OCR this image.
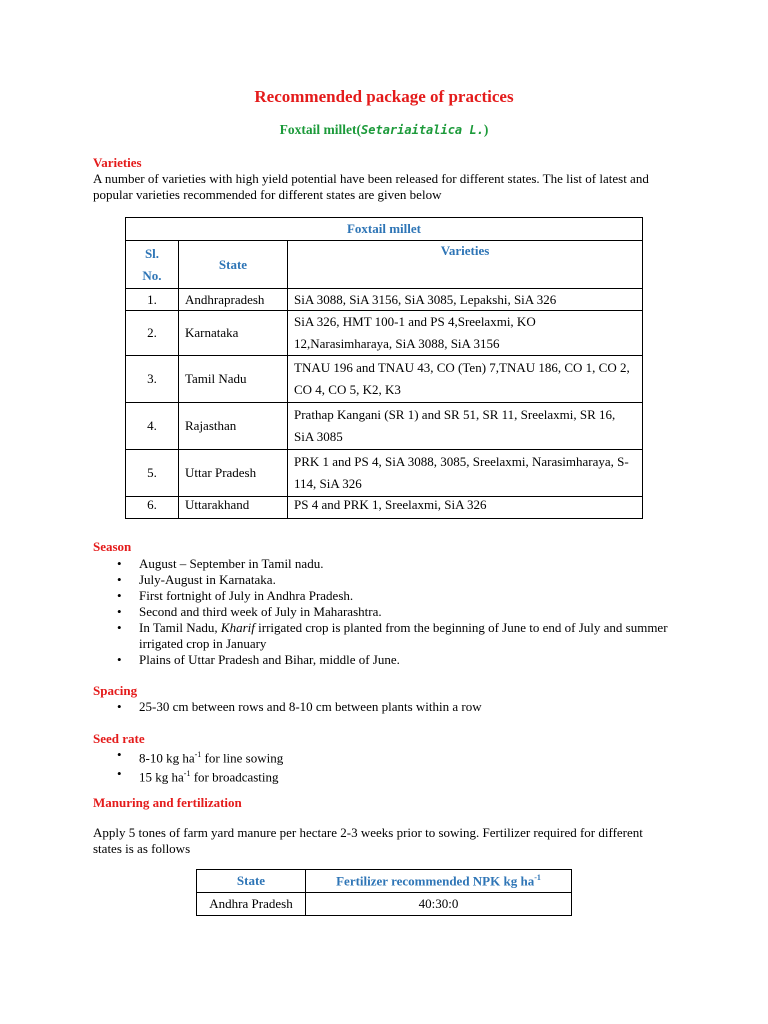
Recommended package of practices
Foxtail millet(Setariaitalica L.)
Varieties
A number of varieties with high yield potential have been released for different states. The list of latest and popular varieties recommended for different states are given below
Foxtail millet		
Sl.
No.	State	Varieties
1.	Andhrapradesh	SiA 3088, SiA 3156, SiA 3085, Lepakshi, SiA 326
2.	Karnataka	SiA 326, HMT 100-1 and PS 4,Sreelaxmi, KO 12,Narasimharaya, SiA 3088, SiA 3156
3.	Tamil Nadu	TNAU 196 and TNAU 43, CO (Ten) 7,TNAU 186, CO 1, CO 2, CO 4, CO 5, K2, K3
4.	Rajasthan	Prathap Kangani (SR 1) and SR 51, SR 11, Sreelaxmi, SR 16, SiA 3085
5.	Uttar Pradesh	PRK 1 and PS 4, SiA 3088, 3085, Sreelaxmi, Narasimharaya, S-114, SiA 326
6.	Uttarakhand	PS 4 and PRK 1, Sreelaxmi, SiA 326
Season
• August – September in Tamil nadu.
• July-August in Karnataka.
• First fortnight of July in Andhra Pradesh.
• Second and third week of July in Maharashtra.
• In Tamil Nadu, Kharif irrigated crop is planted from the beginning of June to end of July and summer irrigated crop in January
• Plains of Uttar Pradesh and Bihar, middle of June.
Spacing
• 25-30 cm between rows and 8-10 cm between plants within a row
Seed rate
• 8-10 kg $ha^{-1}$ for line sowing
• 15 kg $ha^{-1}$ for broadcasting
Manuring and fertilization
Apply 5 tones of farm yard manure per hectare 2-3 weeks prior to sowing. Fertilizer required for different states is as follows
State	Fertilizer recommended NPK kg $ha^{-1}$
Andhra Pradesh	40:30:0
